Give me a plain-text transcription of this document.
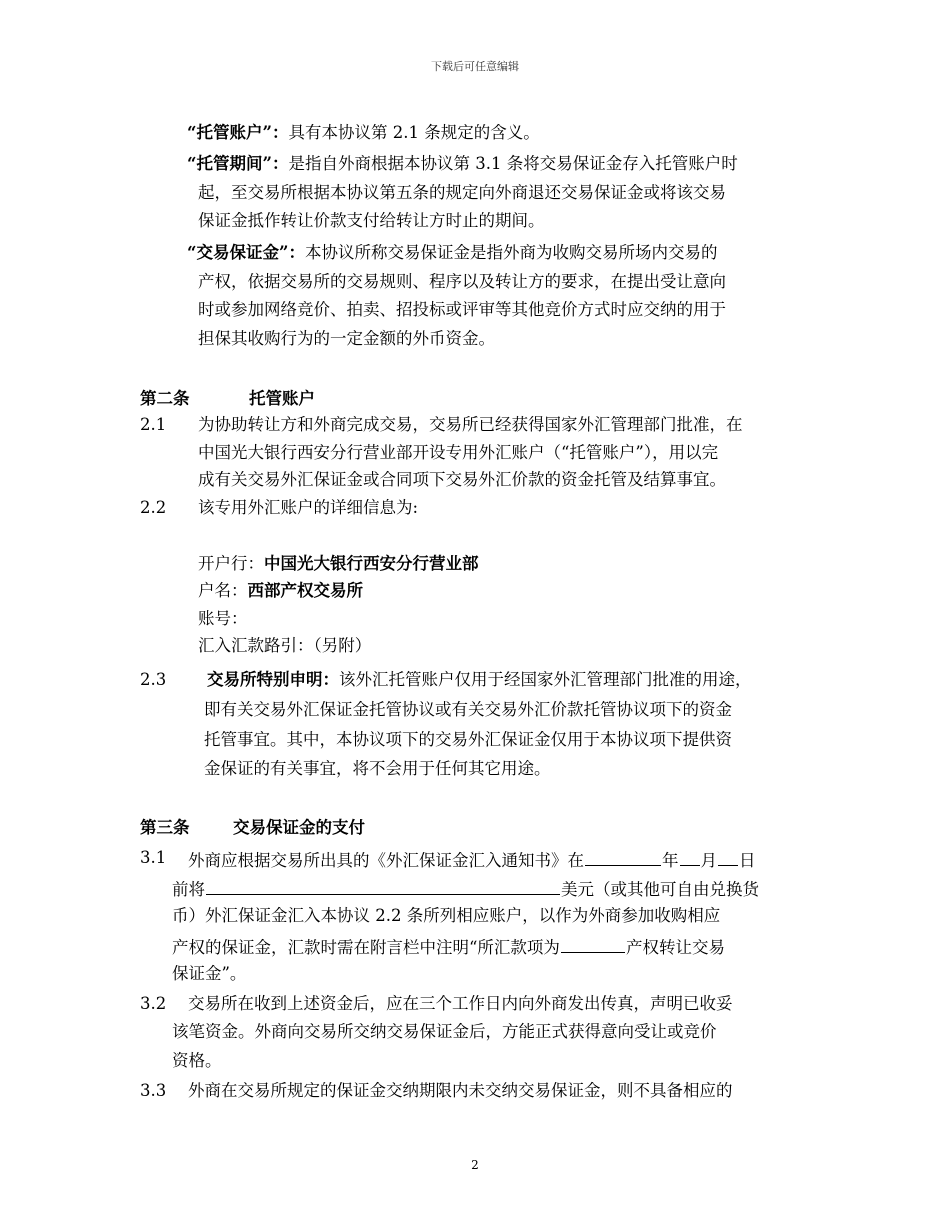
下载后可任意编辑
“托管账户”：具有本协议第 2.1 条规定的含义。
“托管期间”：是指自外商根据本协议第 3.1 条将交易保证金存入托管账户时
起，至交易所根据本协议第五条的规定向外商退还交易保证金或将该交易
保证金抵作转让价款支付给转让方时止的期间。
“交易保证金”：本协议所称交易保证金是指外商为收购交易所场内交易的
产权，依据交易所的交易规则、程序以及转让方的要求，在提出受让意向
时或参加网络竞价、拍卖、招投标或评审等其他竞价方式时应交纳的用于
担保其收购行为的一定金额的外币资金。
第二条	托管账户
2.1 为协助转让方和外商完成交易，交易所已经获得国家外汇管理部门批准，在
中国光大银行西安分行营业部开设专用外汇账户（“托管账户”），用以完
成有关交易外汇保证金或合同项下交易外汇价款的资金托管及结算事宜。
2.2 该专用外汇账户的详细信息为:
开户行：中国光大银行西安分行营业部
户名：西部产权交易所
账号：
汇入汇款路引：（另附）
2.3 交易所特别申明：该外汇托管账户仅用于经国家外汇管理部门批准的用途，
即有关交易外汇保证金托管协议或有关交易外汇价款托管协议项下的资金
托管事宜。其中，本协议项下的交易外汇保证金仅用于本协议项下提供资
金保证的有关事宜，将不会用于任何其它用途。
第三条	交易保证金的支付
3.1 外商应根据交易所出具的《外汇保证金汇入通知书》在	年 月 日
前将	美元（或其他可自由兑换货
币）外汇保证金汇入本协议 2.2 条所列相应账户，以作为外商参加收购相应
产权的保证金，汇款时需在附言栏中注明“所汇款项为	产权转让交易
保证金”。
3.2 交易所在收到上述资金后，应在三个工作日内向外商发出传真，声明已收妥
该笔资金。外商向交易所交纳交易保证金后，方能正式获得意向受让或竞价
资格。
3.3 外商在交易所规定的保证金交纳期限内未交纳交易保证金，则不具备相应的
2
